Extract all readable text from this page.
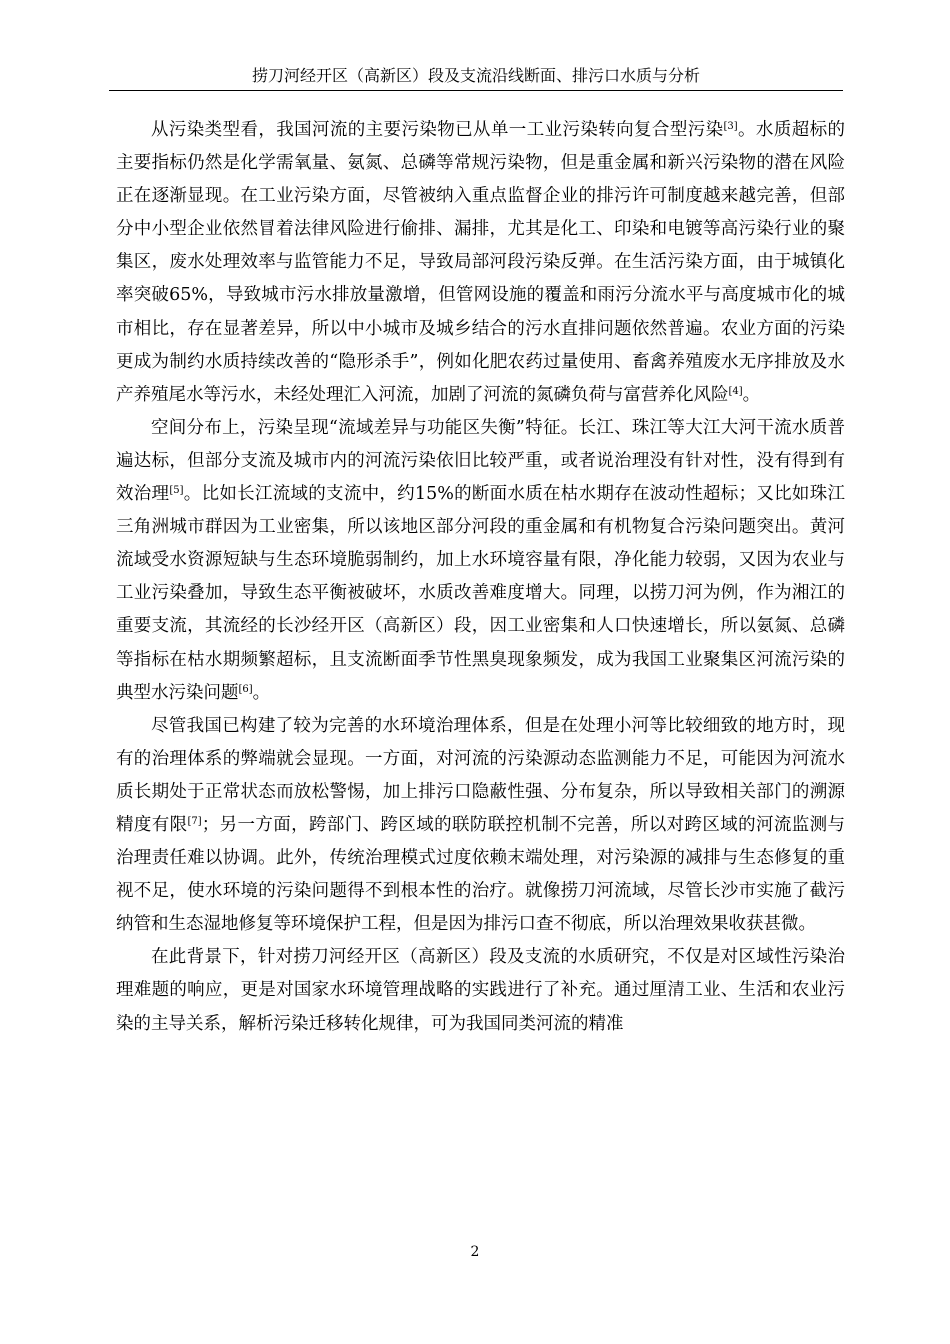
捞刀河经开区（高新区）段及支流沿线断面、排污口水质与分析

从污染类型看，我国河流的主要污染物已从单一工业污染转向复合型污染[3]。水质超标的主要指标仍然是化学需氧量、氨氮、总磷等常规污染物，但是重金属和新兴污染物的潜在风险正在逐渐显现。在工业污染方面，尽管被纳入重点监督企业的排污许可制度越来越完善，但部分中小型企业依然冒着法律风险进行偷排、漏排，尤其是化工、印染和电镀等高污染行业的聚集区，废水处理效率与监管能力不足，导致局部河段污染反弹。在生活污染方面，由于城镇化率突破65%，导致城市污水排放量激增，但管网设施的覆盖和雨污分流水平与高度城市化的城市相比，存在显著差异，所以中小城市及城乡结合的污水直排问题依然普遍。农业方面的污染更成为制约水质持续改善的“隐形杀手”，例如化肥农药过量使用、畜禽养殖废水无序排放及水产养殖尾水等污水，未经处理汇入河流，加剧了河流的氮磷负荷与富营养化风险[4]。

空间分布上，污染呈现“流域差异与功能区失衡”特征。长江、珠江等大江大河干流水质普遍达标，但部分支流及城市内的河流污染依旧比较严重，或者说治理没有针对性，没有得到有效治理[5]。比如长江流域的支流中，约15%的断面水质在枯水期存在波动性超标；又比如珠江三角洲城市群因为工业密集，所以该地区部分河段的重金属和有机物复合污染问题突出。黄河流域受水资源短缺与生态环境脆弱制约，加上水环境容量有限，净化能力较弱，又因为农业与工业污染叠加，导致生态平衡被破坏，水质改善难度增大。同理，以捞刀河为例，作为湘江的重要支流，其流经的长沙经开区（高新区）段，因工业密集和人口快速增长，所以氨氮、总磷等指标在枯水期频繁超标，且支流断面季节性黑臭现象频发，成为我国工业聚集区河流污染的典型水污染问题[6]。

尽管我国已构建了较为完善的水环境治理体系，但是在处理小河等比较细致的地方时，现有的治理体系的弊端就会显现。一方面，对河流的污染源动态监测能力不足，可能因为河流水质长期处于正常状态而放松警惕，加上排污口隐蔽性强、分布复杂，所以导致相关部门的溯源精度有限[7]；另一方面，跨部门、跨区域的联防联控机制不完善，所以对跨区域的河流监测与治理责任难以协调。此外，传统治理模式过度依赖末端处理，对污染源的减排与生态修复的重视不足，使水环境的污染问题得不到根本性的治疗。就像捞刀河流域，尽管长沙市实施了截污纳管和生态湿地修复等环境保护工程，但是因为排污口查不彻底，所以治理效果收获甚微。

在此背景下，针对捞刀河经开区（高新区）段及支流的水质研究，不仅是对区域性污染治理难题的响应，更是对国家水环境管理战略的实践进行了补充。通过厘清工业、生活和农业污染的主导关系，解析污染迁移转化规律，可为我国同类河流的精准

2
